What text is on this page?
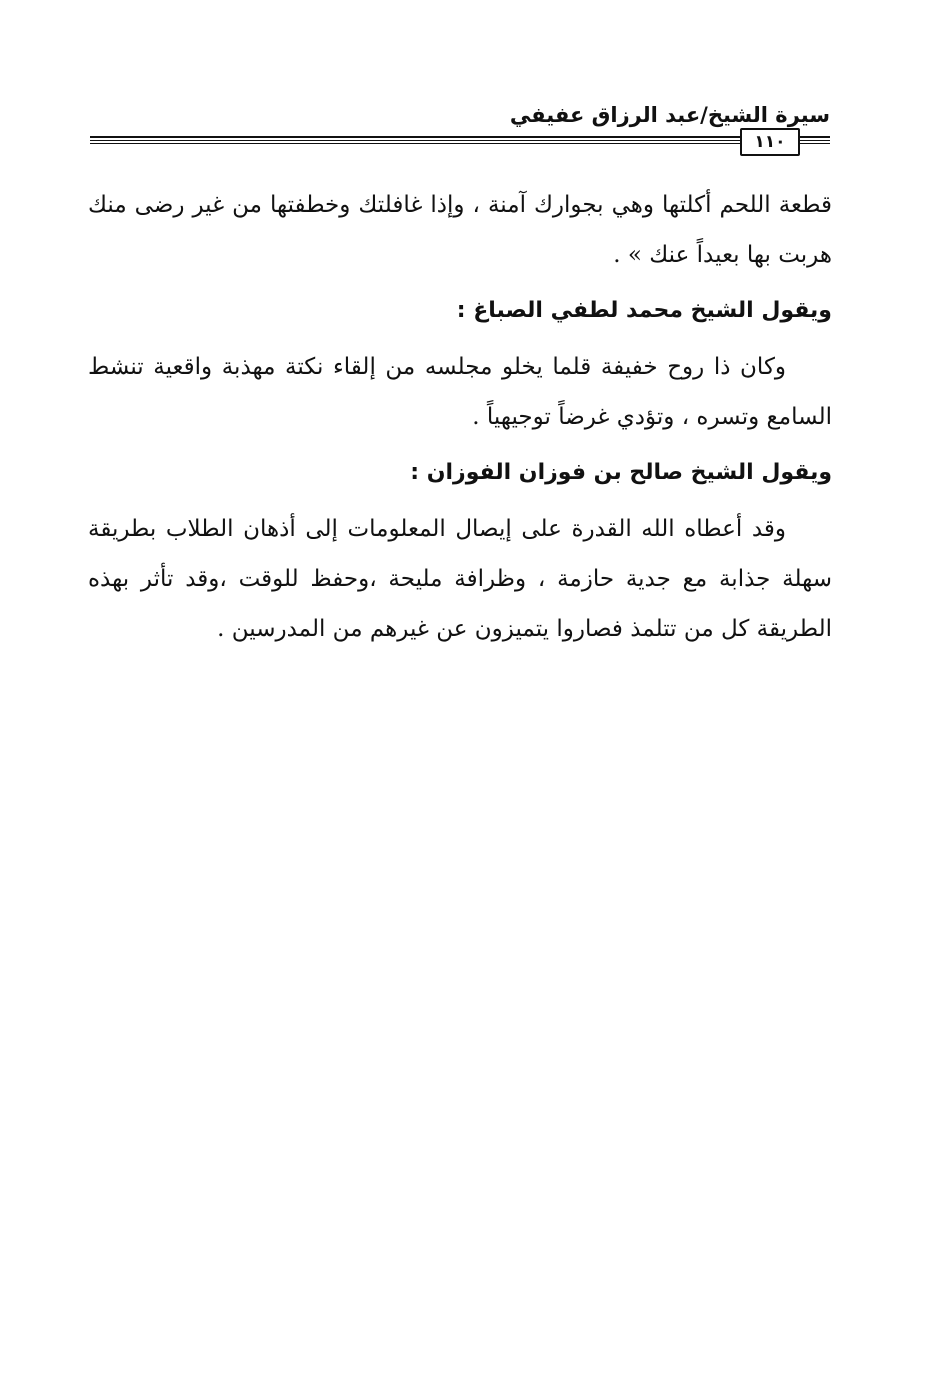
سيرة الشيخ/عبد الرزاق عفيفي
١١٠

قطعة اللحم أكلتها وهي بجوارك آمنة ، وإذا غافلتك وخطفتها من غير رضى منك هربت بها بعيداً عنك » .

ويقول الشيخ محمد لطفي الصباغ :

وكان ذا روح خفيفة قلما يخلو مجلسه من إلقاء نكتة مهذبة واقعية تنشط السامع وتسره ، وتؤدي غرضاً توجيهياً .

ويقول الشيخ صالح بن فوزان الفوزان :

وقد أعطاه الله القدرة على إيصال المعلومات إلى أذهان الطلاب بطريقة سهلة جذابة مع جدية حازمة ، وظرافة مليحة ،وحفظ للوقت ،وقد تأثر بهذه الطريقة كل من تتلمذ فصاروا يتميزون عن غيرهم من المدرسين .
